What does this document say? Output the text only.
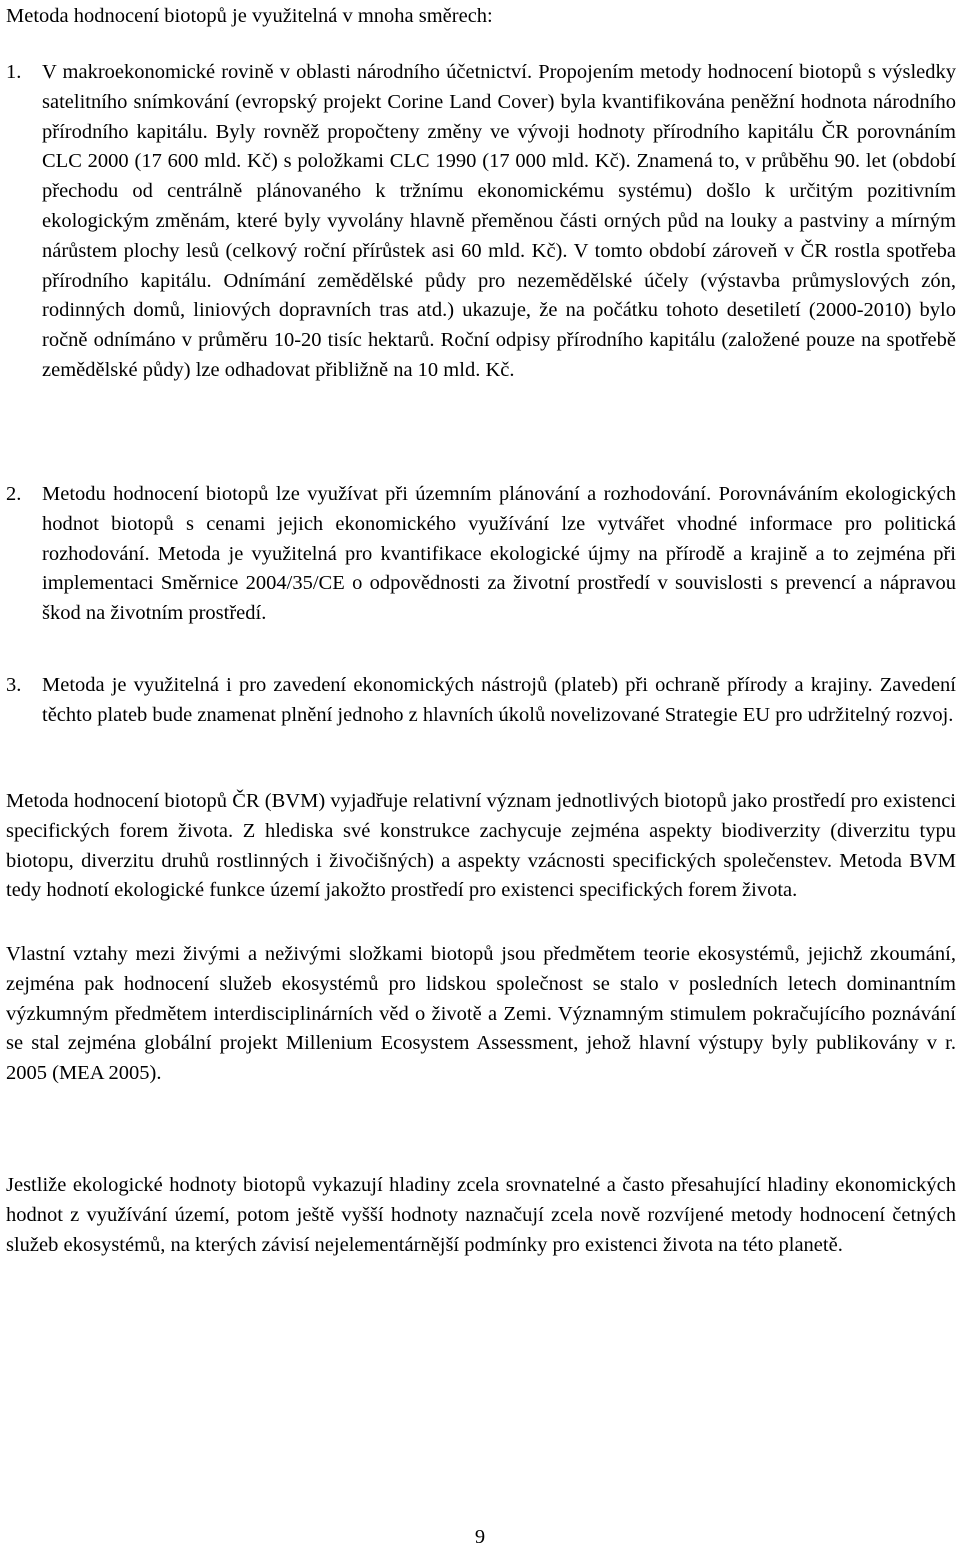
Metoda hodnocení biotopů je využitelná v mnoha směrech:

1.	V makroekonomické rovině v oblasti národního účetnictví. Propojením metody hodnocení biotopů s výsledky satelitního snímkování (evropský projekt Corine Land Cover) byla kvantifikována peněžní hodnota národního přírodního kapitálu. Byly rovněž propočteny změny ve vývoji hodnoty přírodního kapitálu ČR porovnáním CLC 2000 (17 600 mld. Kč) s položkami CLC 1990 (17 000 mld. Kč). Znamená to, v průběhu 90. let (období přechodu od centrálně plánovaného k tržnímu ekonomickému systému) došlo k určitým pozitivním ekologickým změnám, které byly vyvolány hlavně přeměnou části orných půd na louky a pastviny a mírným nárůstem plochy lesů (celkový roční přírůstek asi 60 mld. Kč). V tomto období zároveň v ČR rostla spotřeba přírodního kapitálu. Odnímání zemědělské půdy pro nezemědělské účely (výstavba průmyslových zón, rodinných domů, liniových dopravních tras atd.) ukazuje, že na počátku tohoto desetiletí (2000-2010) bylo ročně odnímáno v průměru 10-20 tisíc hektarů. Roční odpisy přírodního kapitálu (založené pouze na spotřebě zemědělské půdy) lze odhadovat přibližně na 10 mld. Kč.
2.	Metodu hodnocení biotopů lze využívat při územním plánování a rozhodování. Porovnáváním ekologických hodnot biotopů s cenami jejich ekonomického využívání lze vytvářet vhodné informace pro politická rozhodování. Metoda je využitelná pro kvantifikace ekologické újmy na přírodě a krajině a to zejména při implementaci Směrnice 2004/35/CE o odpovědnosti za životní prostředí v souvislosti s prevencí a nápravou škod na životním prostředí.
3.	Metoda je využitelná i pro zavedení ekonomických nástrojů (plateb) při ochraně přírody a krajiny. Zavedení těchto plateb bude znamenat plnění jednoho z hlavních úkolů novelizované Strategie EU pro udržitelný rozvoj.

Metoda hodnocení biotopů ČR (BVM) vyjadřuje relativní význam jednotlivých biotopů jako prostředí pro existenci specifických forem života. Z hlediska své konstrukce zachycuje zejména aspekty biodiverzity (diverzitu typu biotopu, diverzitu druhů rostlinných i živočišných) a aspekty vzácnosti specifických společenstev. Metoda BVM tedy hodnotí ekologické funkce území jakožto prostředí pro existenci specifických forem života.

Vlastní vztahy mezi živými a neživými složkami biotopů jsou předmětem teorie ekosystémů, jejichž zkoumání, zejména pak hodnocení služeb ekosystémů pro lidskou společnost se stalo v posledních letech dominantním výzkumným předmětem interdisciplinárních věd o životě a Zemi. Významným stimulem pokračujícího poznávání se stal zejména globální projekt Millenium Ecosystem Assessment, jehož hlavní výstupy byly publikovány v r. 2005 (MEA 2005).

Jestliže ekologické hodnoty biotopů vykazují hladiny zcela srovnatelné a často přesahující hladiny ekonomických hodnot z využívání území, potom ještě vyšší hodnoty naznačují zcela nově rozvíjené metody hodnocení četných služeb ekosystémů, na kterých závisí nejelementárnější podmínky pro existenci života na této planetě.

9
